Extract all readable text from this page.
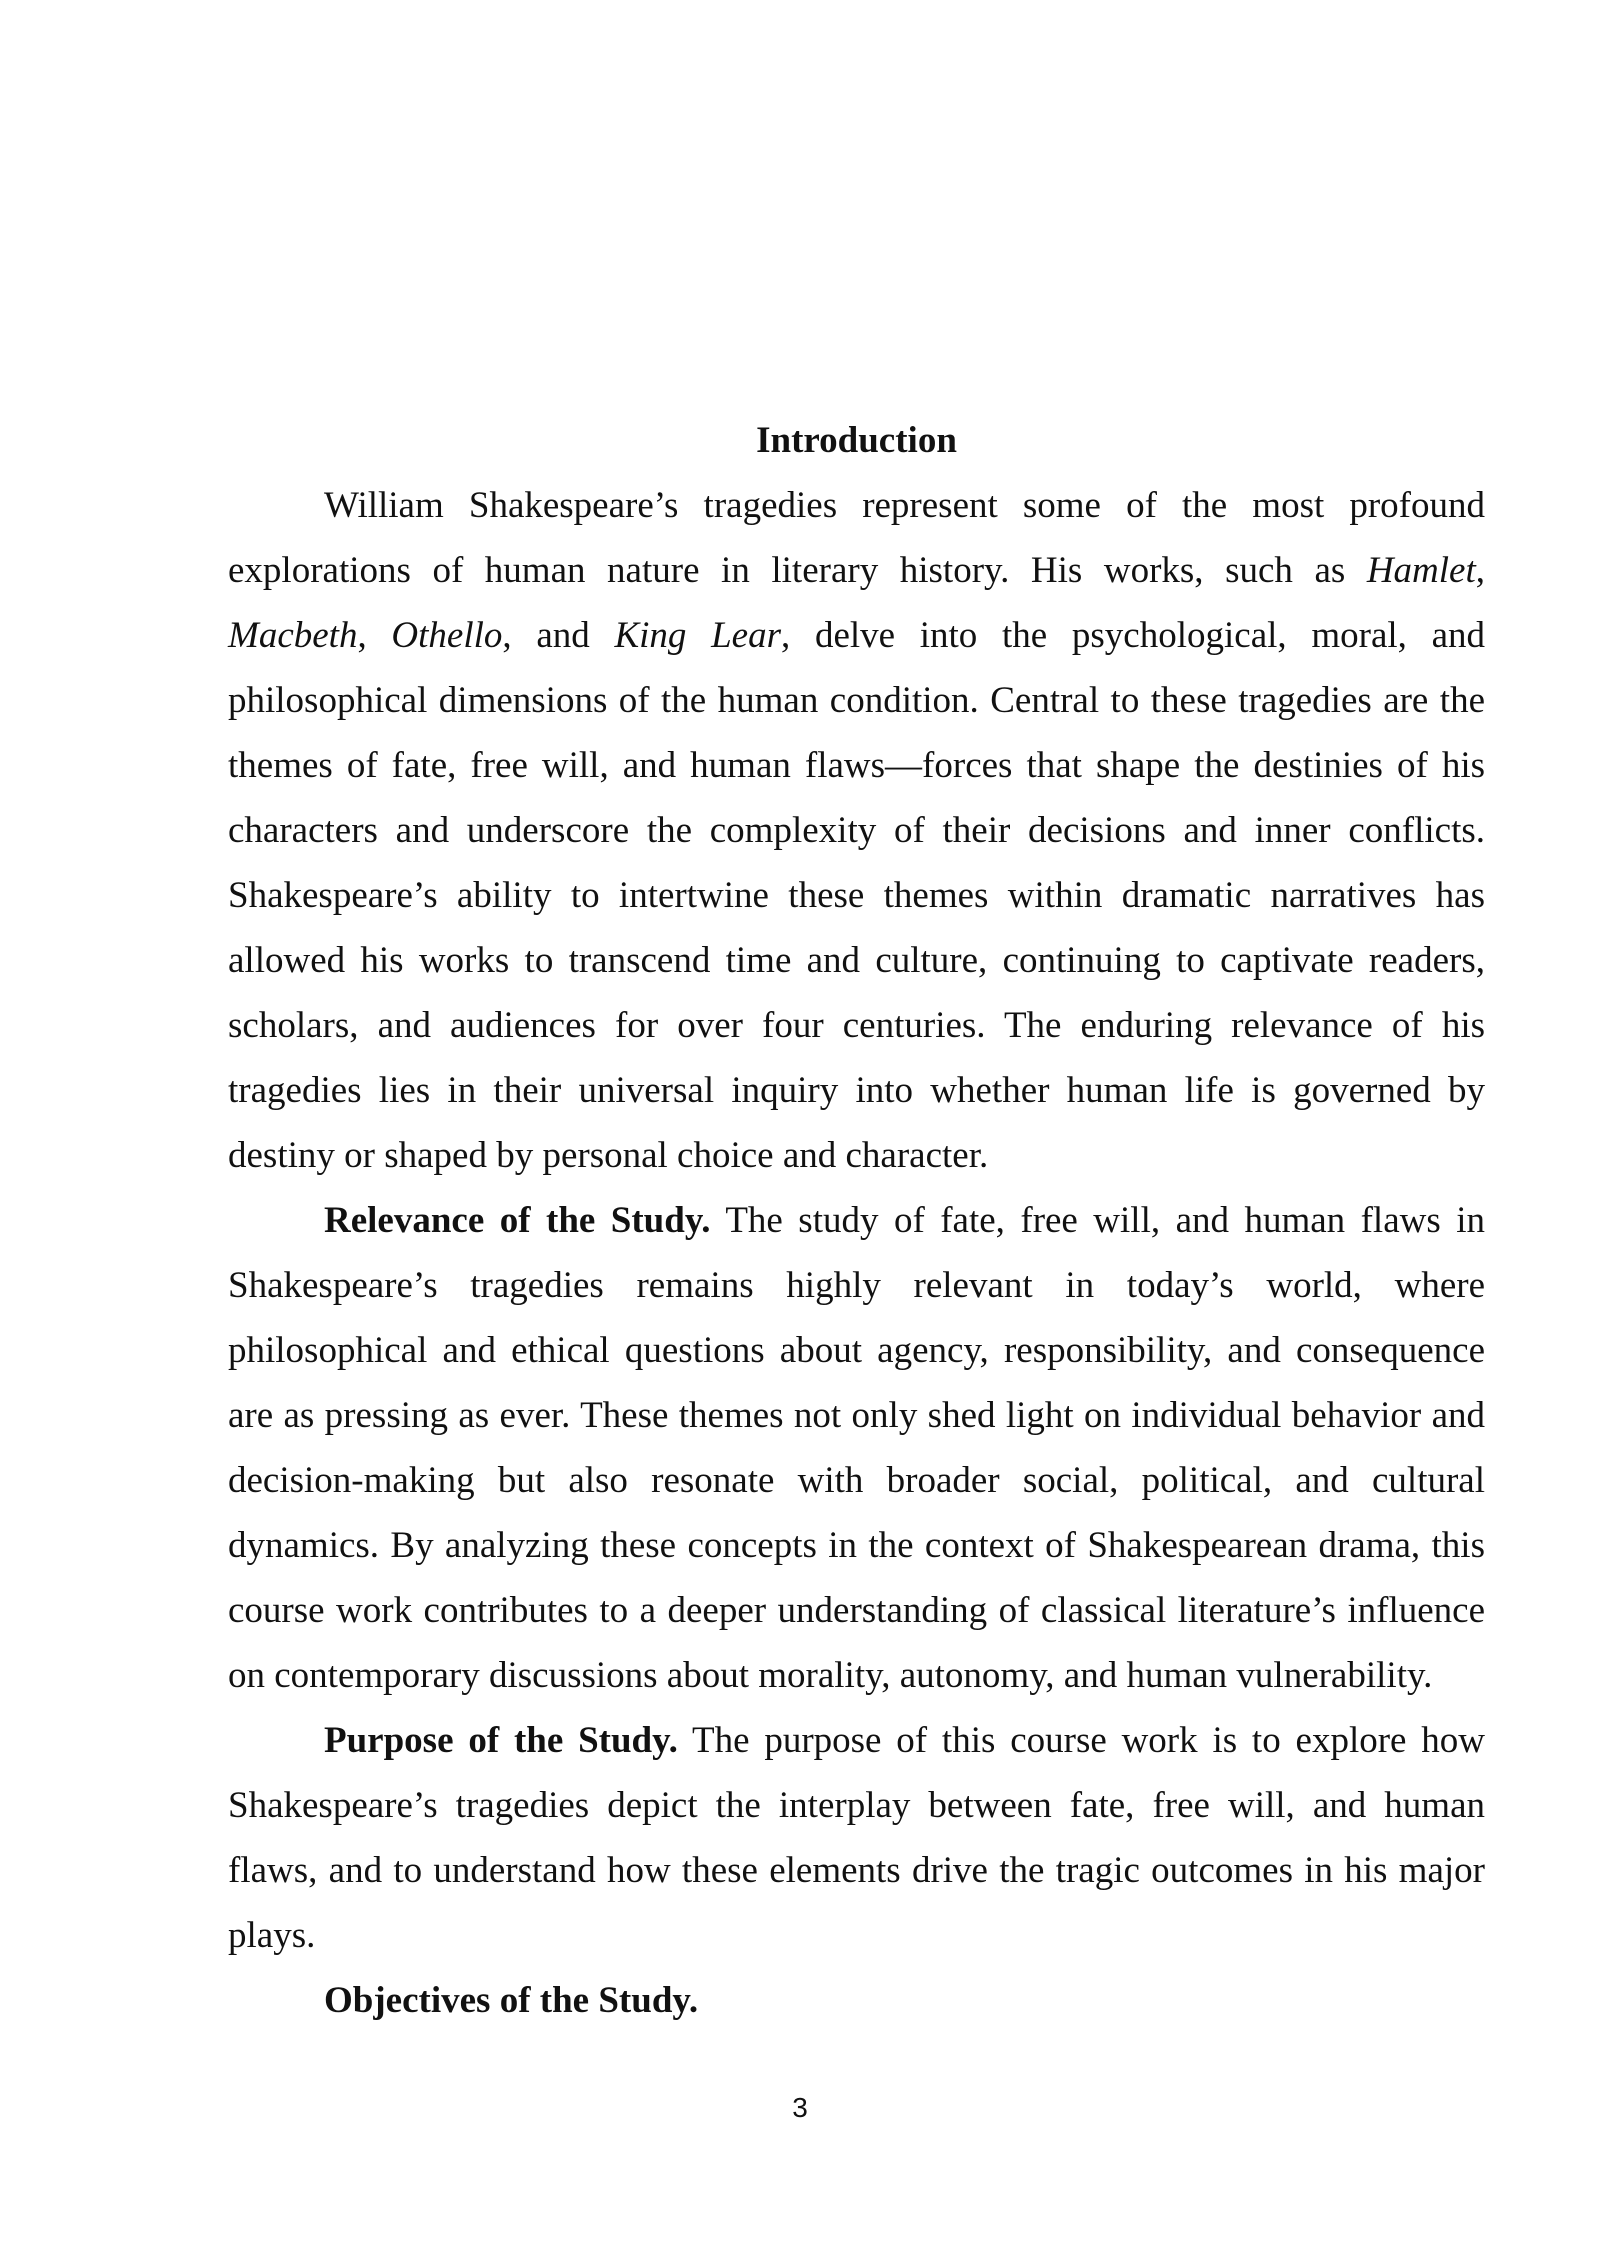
Introduction

William Shakespeare’s tragedies represent some of the most profound explorations of human nature in literary history. His works, such as Hamlet, Macbeth, Othello, and King Lear, delve into the psychological, moral, and philosophical dimensions of the human condition. Central to these tragedies are the themes of fate, free will, and human flaws—forces that shape the destinies of his characters and underscore the complexity of their decisions and inner conflicts. Shakespeare’s ability to intertwine these themes within dramatic narratives has allowed his works to transcend time and culture, continuing to captivate readers, scholars, and audiences for over four centuries. The enduring relevance of his tragedies lies in their universal inquiry into whether human life is governed by destiny or shaped by personal choice and character.

Relevance of the Study. The study of fate, free will, and human flaws in Shakespeare’s tragedies remains highly relevant in today’s world, where philosophical and ethical questions about agency, responsibility, and consequence are as pressing as ever. These themes not only shed light on individual behavior and decision-making but also resonate with broader social, political, and cultural dynamics. By analyzing these concepts in the context of Shakespearean drama, this course work contributes to a deeper understanding of classical literature’s influence on contemporary discussions about morality, autonomy, and human vulnerability.

Purpose of the Study. The purpose of this course work is to explore how Shakespeare’s tragedies depict the interplay between fate, free will, and human flaws, and to understand how these elements drive the tragic outcomes in his major plays.

Objectives of the Study.

3
